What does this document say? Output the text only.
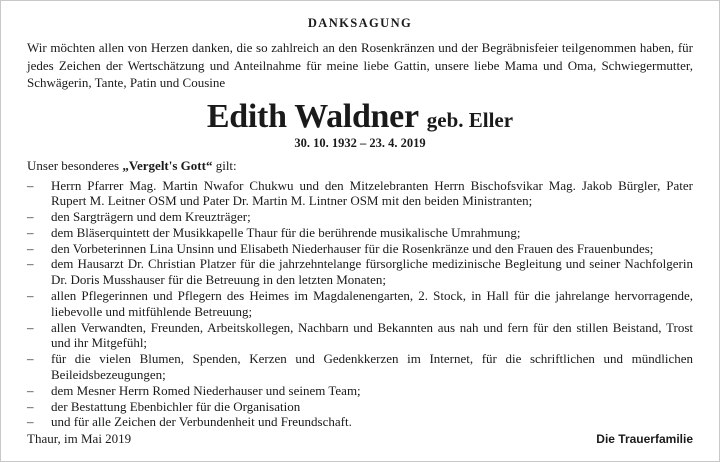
DANKSAGUNG
Wir möchten allen von Herzen danken, die so zahlreich an den Rosenkränzen und der Begräbnisfeier teilgenommen haben, für jedes Zeichen der Wertschätzung und Anteilnahme für meine liebe Gattin, unsere liebe Mama und Oma, Schwiegermutter, Schwägerin, Tante, Patin und Cousine
Edith Waldner geb. Eller
30. 10. 1932 – 23. 4. 2019
Unser besonderes „Vergelt's Gott“ gilt:
– Herrn Pfarrer Mag. Martin Nwafor Chukwu und den Mitzelebranten Herrn Bischofsvikar Mag. Jakob Bürgler, Pater Rupert M. Leitner OSM und Pater Dr. Martin M. Lintner OSM mit den beiden Ministranten;
– den Sargträgern und dem Kreuzträger;
– dem Bläserquintett der Musikkapelle Thaur für die berührende musikalische Umrahmung;
– den Vorbeterinnen Lina Unsinn und Elisabeth Niederhauser für die Rosenkränze und den Frauen des Frauenbundes;
– dem Hausarzt Dr. Christian Platzer für die jahrzehntelange fürsorgliche medizinische Begleitung und seiner Nachfolgerin Dr. Doris Musshauser für die Betreuung in den letzten Monaten;
– allen Pflegerinnen und Pflegern des Heimes im Magdalenengarten, 2. Stock, in Hall für die jahrelange hervorragende, liebevolle und mitfühlende Betreuung;
– allen Verwandten, Freunden, Arbeitskollegen, Nachbarn und Bekannten aus nah und fern für den stillen Beistand, Trost und ihr Mitgefühl;
– für die vielen Blumen, Spenden, Kerzen und Gedenkkerzen im Internet, für die schriftlichen und mündlichen Beileidsbezeugungen;
– dem Mesner Herrn Romed Niederhauser und seinem Team;
– der Bestattung Ebenbichler für die Organisation
– und für alle Zeichen der Verbundenheit und Freundschaft.
Thaur, im Mai 2019	Die Trauerfamilie
